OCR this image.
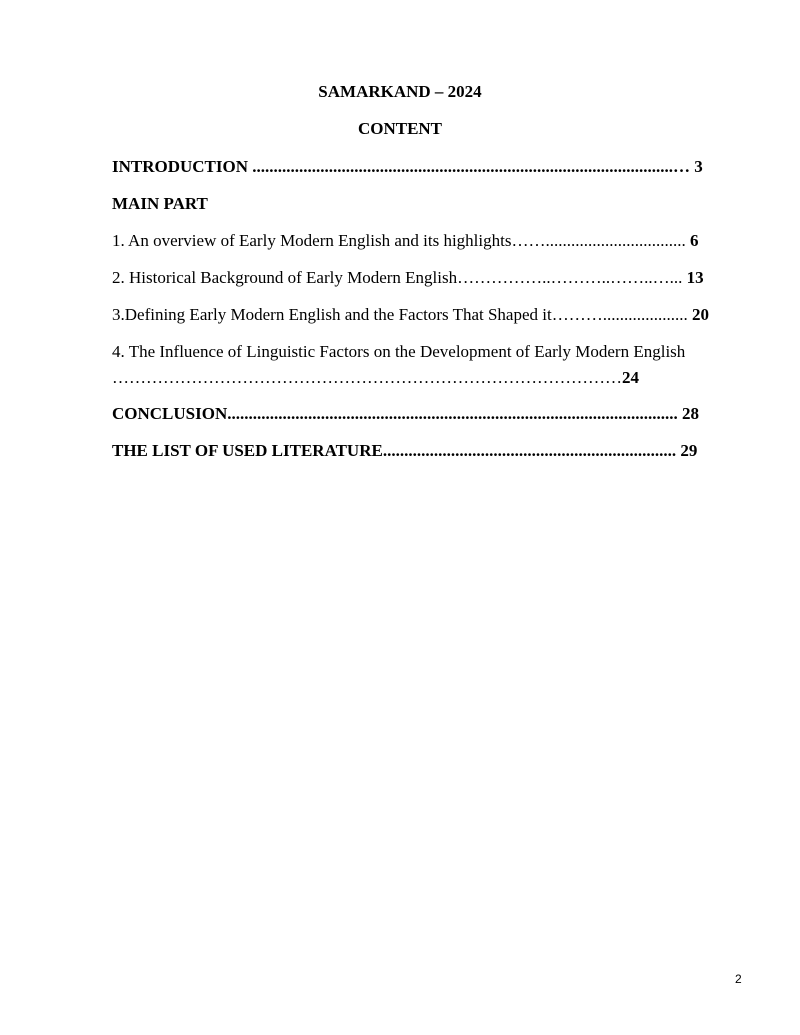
SAMARKAND – 2024
CONTENT
INTRODUCTION ...................................................................................................… 3
MAIN PART
1. An overview of Early Modern English and its highlights……................................. 6
2. Historical Background of Early Modern English……………..………..……..…... 13
3.Defining Early Modern English and the Factors That Shaped it……….................... 20
4. The Influence of Linguistic Factors on the Development of Early Modern English
………………………………………………………………………………24
CONCLUSION.......................................................................................................... 28
THE LIST OF USED LITERATURE..................................................................... 29
2
